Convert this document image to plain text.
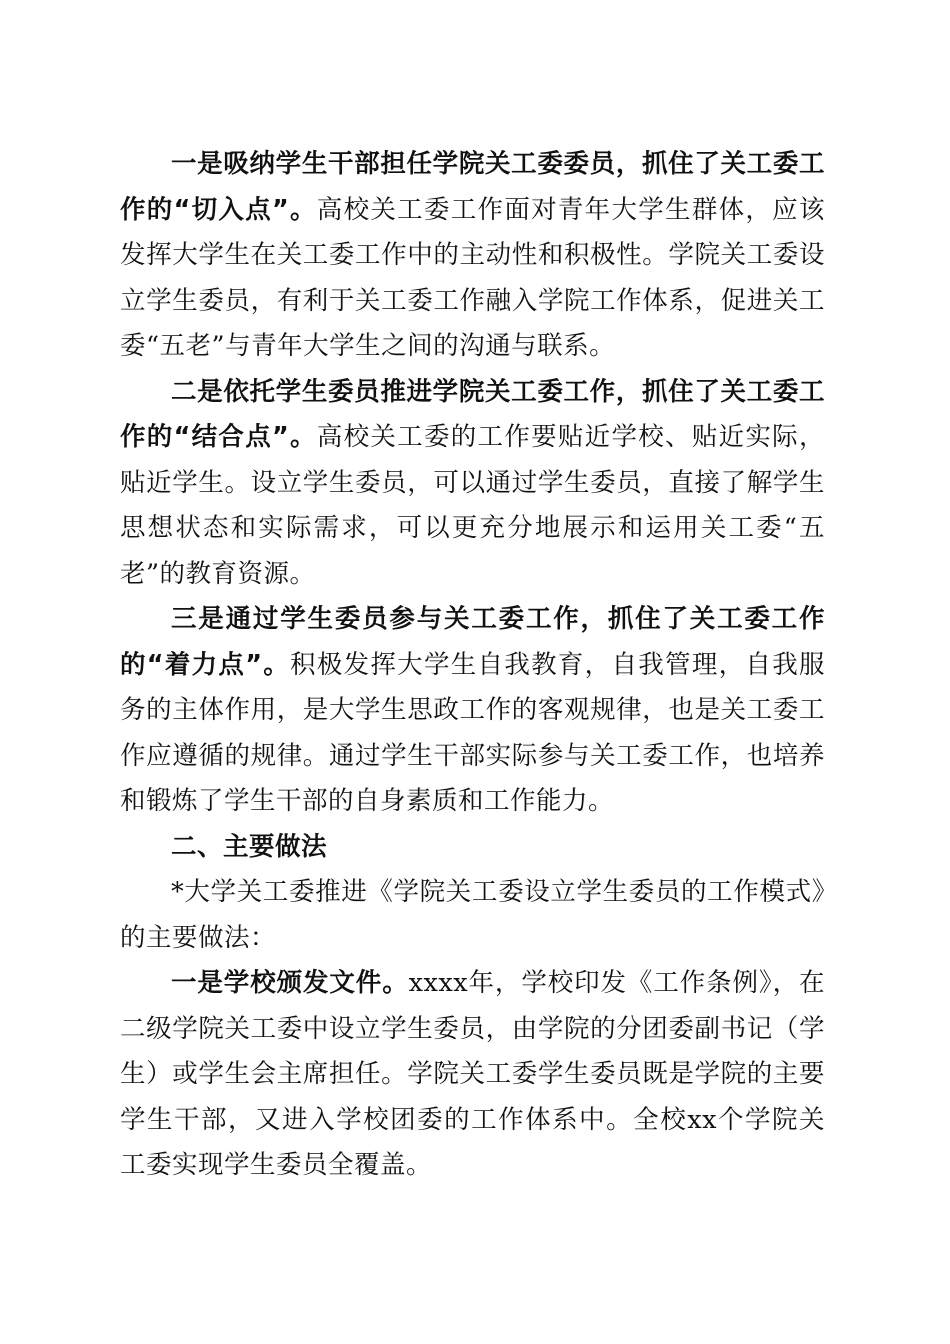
一是吸纳学生干部担任学院关工委委员，抓住了关工委工作的“切入点”。高校关工委工作面对青年大学生群体，应该发挥大学生在关工委工作中的主动性和积极性。学院关工委设立学生委员，有利于关工委工作融入学院工作体系，促进关工委“五老”与青年大学生之间的沟通与联系。

二是依托学生委员推进学院关工委工作，抓住了关工委工作的“结合点”。高校关工委的工作要贴近学校、贴近实际，贴近学生。设立学生委员，可以通过学生委员，直接了解学生思想状态和实际需求，可以更充分地展示和运用关工委“五老”的教育资源。

三是通过学生委员参与关工委工作，抓住了关工委工作的“着力点”。积极发挥大学生自我教育，自我管理，自我服务的主体作用，是大学生思政工作的客观规律，也是关工委工作应遵循的规律。通过学生干部实际参与关工委工作，也培养和锻炼了学生干部的自身素质和工作能力。

二、主要做法

*大学关工委推进《学院关工委设立学生委员的工作模式》的主要做法：

一是学校颁发文件。xxxx年，学校印发《工作条例》，在二级学院关工委中设立学生委员，由学院的分团委副书记（学生）或学生会主席担任。学院关工委学生委员既是学院的主要学生干部，又进入学校团委的工作体系中。全校xx个学院关工委实现学生委员全覆盖。
